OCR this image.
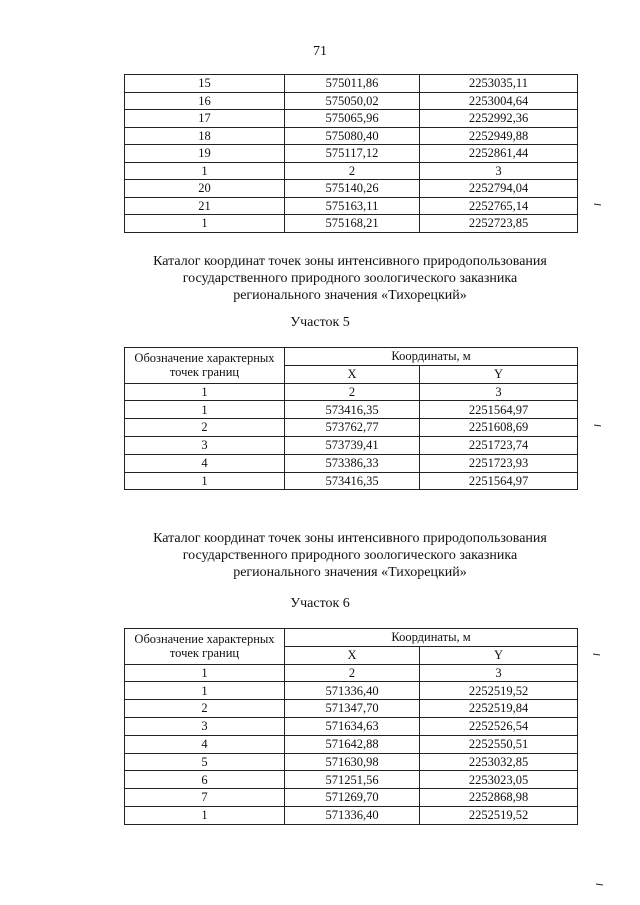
71
15	575011,86	2253035,11
16	575050,02	2253004,64
17	575065,96	2252992,36
18	575080,40	2252949,88
19	575117,12	2252861,44
1	2	3
20	575140,26	2252794,04
21	575163,11	2252765,14
1	575168,21	2252723,85

Каталог координат точек зоны интенсивного природопользования

государственного природного зоологического заказника

регионального значения «Тихорецкий»

Участок 5
Обозначение характерных точек границ	Координаты, м	
	X	Y
1	2	3
1	573416,35	2251564,97
2	573762,77	2251608,69
3	573739,41	2251723,74
4	573386,33	2251723,93
1	573416,35	2251564,97

Каталог координат точек зоны интенсивного природопользования

государственного природного зоологического заказника

регионального значения «Тихорецкий»

Участок 6
Обозначение характерных точек границ	Координаты, м	
	X	Y
1	2	3
1	571336,40	2252519,52
2	571347,70	2252519,84
3	571634,63	2252526,54
4	571642,88	2252550,51
5	571630,98	2253032,85
6	571251,56	2253023,05
7	571269,70	2252868,98
1	571336,40	2252519,52
